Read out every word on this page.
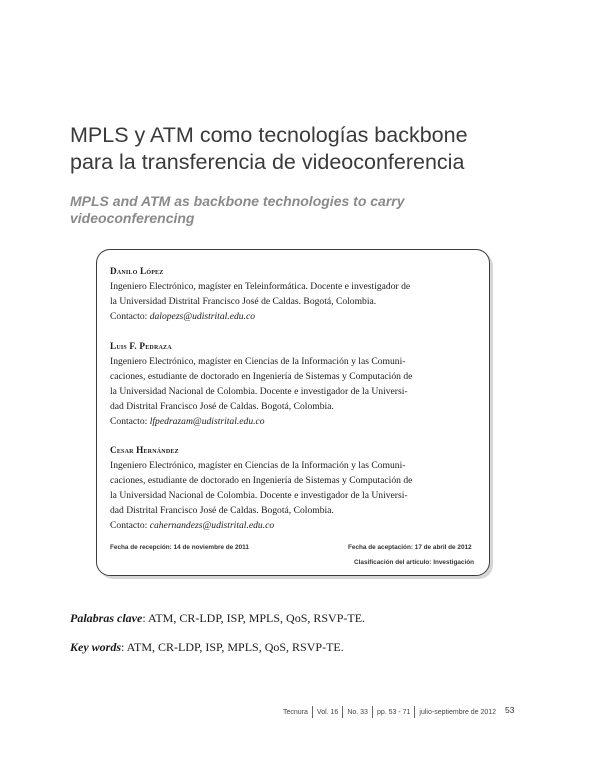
MPLS y ATM como tecnologías backbone
para la transferencia de videoconferencia
MPLS and ATM as backbone technologies to carry
videoconferencing
Danilo López
Ingeniero Electrónico, magíster en Teleinformática. Docente e investigador de
la Universidad Distrital Francisco José de Caldas. Bogotá, Colombia.
Contacto: dalopezs@udistrital.edu.co
Luis F. Pedraza
Ingeniero Electrónico, magíster en Ciencias de la Información y las Comuni-
caciones, estudiante de doctorado en Ingeniería de Sistemas y Computación de
la Universidad Nacional de Colombia. Docente e investigador de la Universi-
dad Distrital Francisco José de Caldas. Bogotá, Colombia.
Contacto: lfpedrazam@udistrital.edu.co
Cesar Hernández
Ingeniero Electrónico, magíster en Ciencias de la Información y las Comuni-
caciones, estudiante de doctorado en Ingeniería de Sistemas y Computación de
la Universidad Nacional de Colombia. Docente e investigador de la Universi-
dad Distrital Francisco José de Caldas. Bogotá, Colombia.
Contacto: cahernandezs@udistrital.edu.co
Fecha de recepción: 14 de noviembre de 2011	Fecha de aceptación: 17 de abril de 2012
Clasificación del artículo: Investigación
Palabras clave: ATM, CR-LDP, ISP, MPLS, QoS, RSVP-TE.
Key words: ATM, CR-LDP, ISP, MPLS, QoS, RSVP-TE.
Tecnura Vol. 16 No. 33 pp. 53 - 71 julio-septiembre de 2012 53
